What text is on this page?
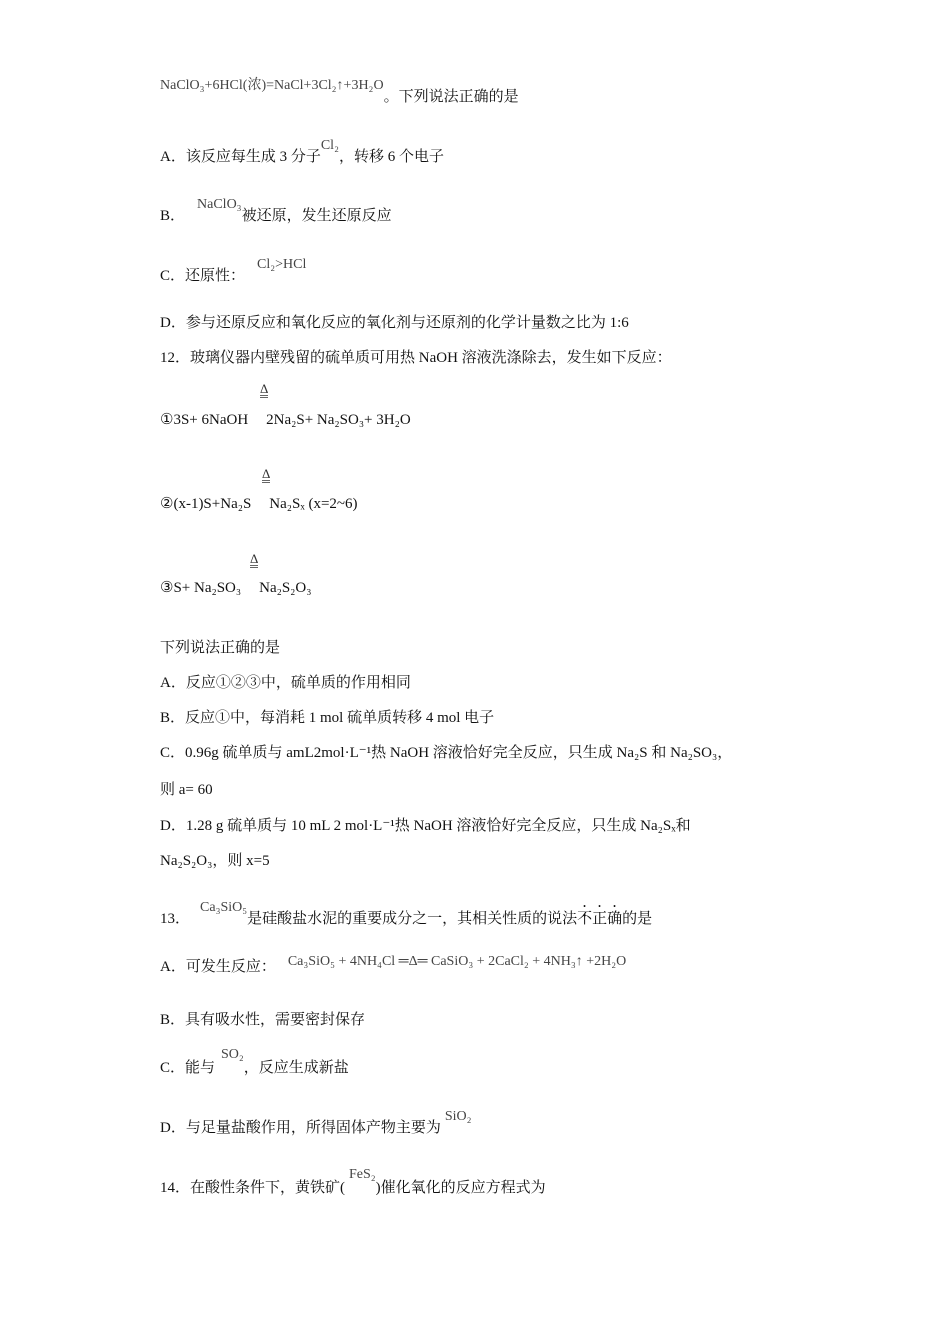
NaClO₃+6HCl(浓)=NaCl+3Cl₂↑+3H₂O。下列说法正确的是
A．该反应每生成 3 分子Cl₂，转移 6 个电子
B．NaClO₃被还原，发生还原反应
C．还原性：Cl₂>HCl
D．参与还原反应和氧化反应的氧化剂与还原剂的化学计量数之比为 1:6
12．玻璃仪器内壁残留的硫单质可用热 NaOH 溶液洗涤除去，发生如下反应：
Δ
①3S+ 6NaOH 2Na₂S+ Na₂SO₃+ 3H₂O
Δ
②(x-1)S+Na₂S Na₂Sₓ (x=2~6)
Δ
③S+ Na₂SO₃ Na₂S₂O₃
下列说法正确的是
A．反应①②③中，硫单质的作用相同
B．反应①中，每消耗 1 mol 硫单质转移 4 mol 电子
C．0.96g 硫单质与 amL2mol·L⁻¹热 NaOH 溶液恰好完全反应，只生成 Na₂S 和 Na₂SO₃，
则 a= 60
D．1.28 g 硫单质与 10 mL 2 mol·L⁻¹热 NaOH 溶液恰好完全反应，只生成 Na₂Sₓ和
Na₂S₂O₃，则 x=5
13．Ca₃SiO₅是硅酸盐水泥的重要成分之一，其相关性质的说法不正确的是
A．可发生反应： Ca₃SiO₅ + 4NH₄Cl ═Δ═ CaSiO₃ + 2CaCl₂ + 4NH₃↑ +2H₂O
B．具有吸水性，需要密封保存
C．能与SO₂，反应生成新盐
D．与足量盐酸作用，所得固体产物主要为SiO₂
14．在酸性条件下，黄铁矿(FeS₂)催化氧化的反应方程式为
